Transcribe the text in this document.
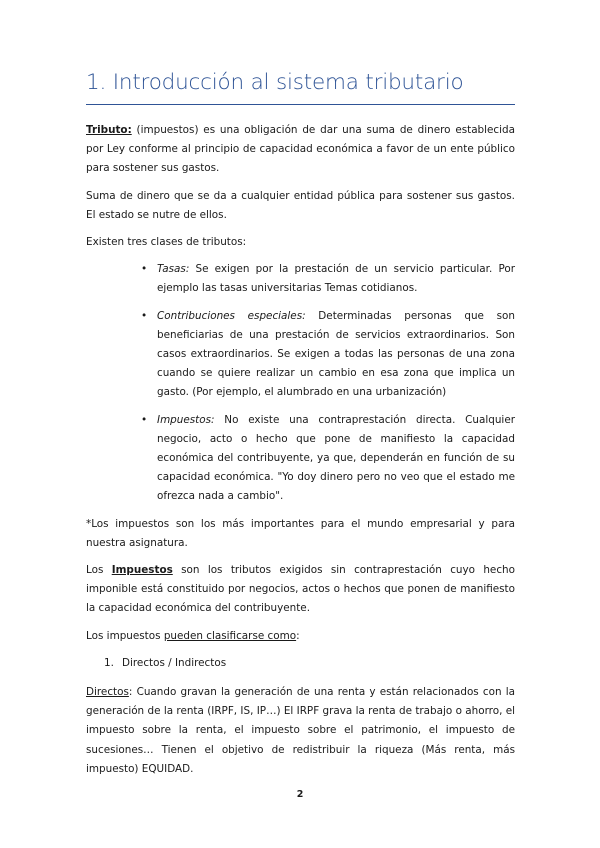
1. Introducción al sistema tributario

Tributo: (impuestos) es una obligación de dar una suma de dinero establecida por Ley conforme al principio de capacidad económica a favor de un ente público para sostener sus gastos.

Suma de dinero que se da a cualquier entidad pública para sostener sus gastos. El estado se nutre de ellos.

Existen tres clases de tributos:

• Tasas: Se exigen por la prestación de un servicio particular. Por ejemplo las tasas universitarias Temas cotidianos.
• Contribuciones especiales: Determinadas personas que son beneficiarias de una prestación de servicios extraordinarios. Son casos extraordinarios. Se exigen a todas las personas de una zona cuando se quiere realizar un cambio en esa zona que implica un gasto. (Por ejemplo, el alumbrado en una urbanización)
• Impuestos: No existe una contraprestación directa. Cualquier negocio, acto o hecho que pone de manifiesto la capacidad económica del contribuyente, ya que, dependerán en función de su capacidad económica. "Yo doy dinero pero no veo que el estado me ofrezca nada a cambio".

*Los impuestos son los más importantes para el mundo empresarial y para nuestra asignatura.

Los Impuestos son los tributos exigidos sin contraprestación cuyo hecho imponible está constituido por negocios, actos o hechos que ponen de manifiesto la capacidad económica del contribuyente.

Los impuestos pueden clasificarse como:

1. Directos / Indirectos

Directos: Cuando gravan la generación de una renta y están relacionados con la generación de la renta (IRPF, IS, IP…) El IRPF grava la renta de trabajo o ahorro, el impuesto sobre la renta, el impuesto sobre el patrimonio, el impuesto de sucesiones… Tienen el objetivo de redistribuir la riqueza (Más renta, más impuesto) EQUIDAD.

2
